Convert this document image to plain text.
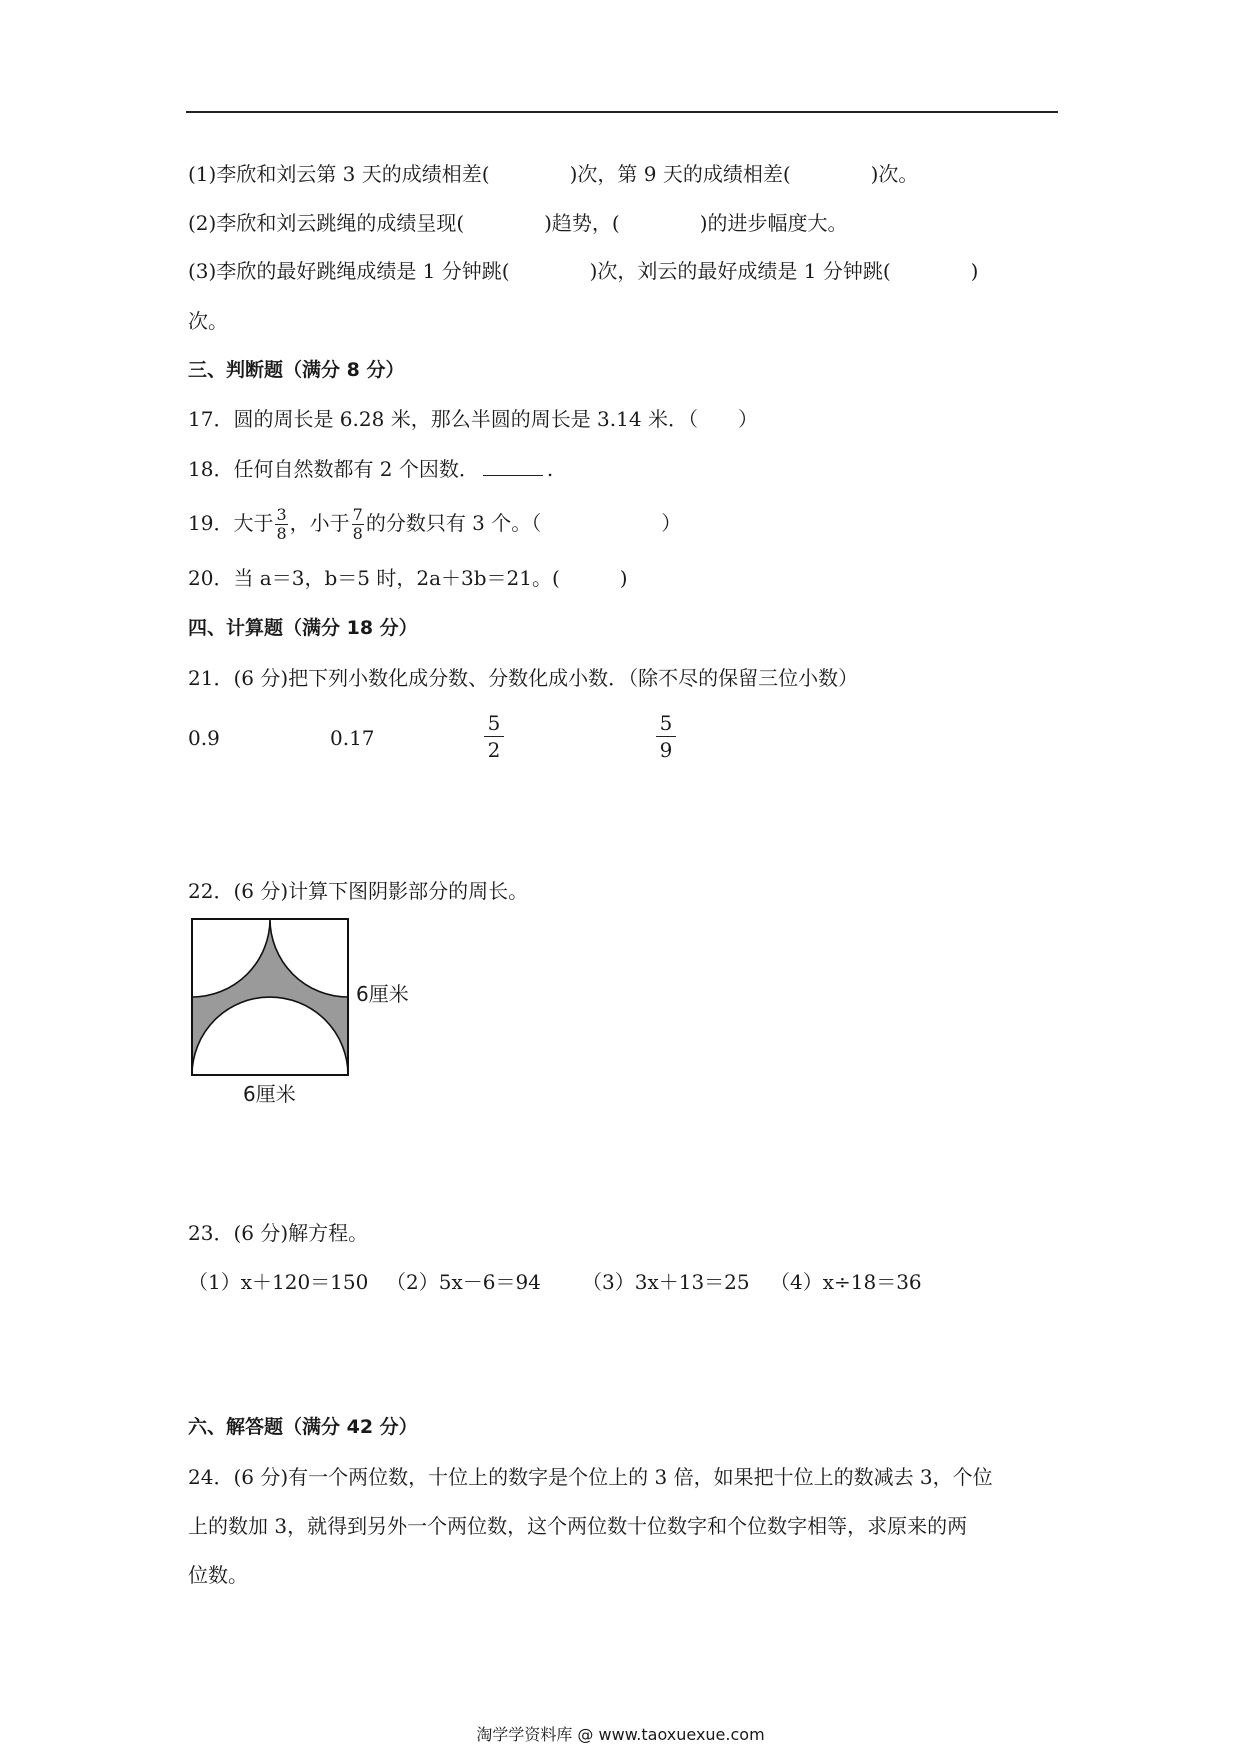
(1)李欣和刘云第 3 天的成绩相差(　　　　)次，第 9 天的成绩相差(　　　　)次。
(2)李欣和刘云跳绳的成绩呈现(　　　　)趋势，(　　　　)的进步幅度大。
(3)李欣的最好跳绳成绩是 1 分钟跳(　　　　)次，刘云的最好成绩是 1 分钟跳(　　　　)
次。
三、判断题（满分 8 分）
17．圆的周长是 6.28 米，那么半圆的周长是 3.14 米．（　　）
18．任何自然数都有 2 个因数．	.
19．大于 $\frac{3}{8}$ ，小于 $\frac{7}{8}$ 的分数只有 3 个。（　　　　　　）
20．当 a＝3，b＝5 时，2a＋3b＝21。(　　　)
四、计算题（满分 18 分）
21．(6 分)把下列小数化成分数、分数化成小数．（除不尽的保留三位小数）
0.9	0.17	$\frac{5}{2}$	$\frac{5}{9}$
22．(6 分)计算下图阴影部分的周长。
6厘米
6厘米
23．(6 分)解方程。
（1）x＋120＝150 （2）5x－6＝94 （3）3x＋13＝25 （4）x÷18＝36
六、解答题（满分 42 分）
24．(6 分)有一个两位数，十位上的数字是个位上的 3 倍，如果把十位上的数减去 3，个位
上的数加 3，就得到另外一个两位数，这个两位数十位数字和个位数字相等，求原来的两
位数。
淘学学资料库 @ www.taoxuexue.com
